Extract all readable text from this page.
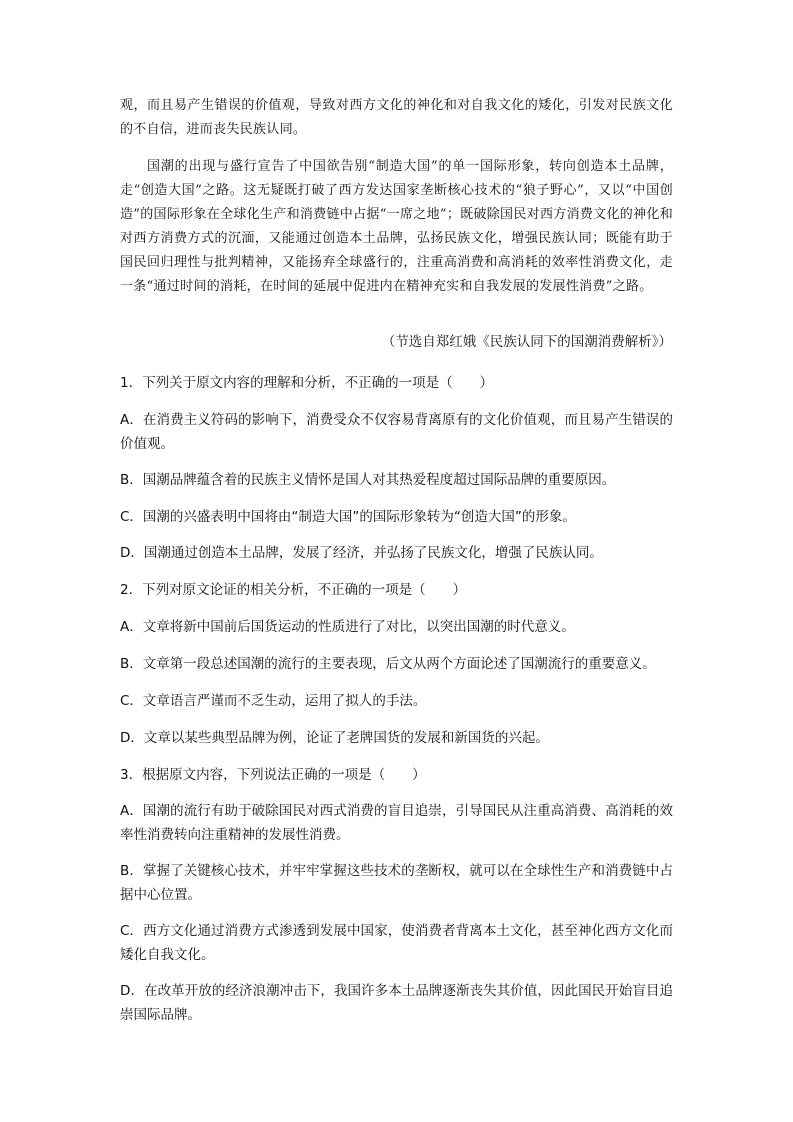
观，而且易产生错误的价值观，导致对西方文化的神化和对自我文化的矮化，引发对民族文化的不自信，进而丧失民族认同。

国潮的出现与盛行宣告了中国欲告别“制造大国”的单一国际形象，转向创造本土品牌，走“创造大国”之路。这无疑既打破了西方发达国家垄断核心技术的“狼子野心”，又以“中国创造”的国际形象在全球化生产和消费链中占据“一席之地”；既破除国民对西方消费文化的神化和对西方消费方式的沉湎，又能通过创造本土品牌，弘扬民族文化，增强民族认同；既能有助于国民回归理性与批判精神，又能扬弃全球盛行的，注重高消费和高消耗的效率性消费文化，走一条“通过时间的消耗，在时间的延展中促进内在精神充实和自我发展的发展性消费”之路。

（节选自郑红娥《民族认同下的国潮消费解析》）

1．下列关于原文内容的理解和分析，不正确的一项是（　　）

A．在消费主义符码的影响下，消费受众不仅容易背离原有的文化价值观，而且易产生错误的价值观。

B．国潮品牌蕴含着的民族主义情怀是国人对其热爱程度超过国际品牌的重要原因。

C．国潮的兴盛表明中国将由“制造大国”的国际形象转为“创造大国”的形象。

D．国潮通过创造本土品牌，发展了经济，并弘扬了民族文化，增强了民族认同。

2．下列对原文论证的相关分析，不正确的一项是（　　）

A．文章将新中国前后国货运动的性质进行了对比，以突出国潮的时代意义。

B．文章第一段总述国潮的流行的主要表现，后文从两个方面论述了国潮流行的重要意义。

C．文章语言严谨而不乏生动，运用了拟人的手法。

D．文章以某些典型品牌为例，论证了老牌国货的发展和新国货的兴起。

3．根据原文内容，下列说法正确的一项是（　　）

A．国潮的流行有助于破除国民对西式消费的盲目追崇，引导国民从注重高消费、高消耗的效率性消费转向注重精神的发展性消费。

B．掌握了关键核心技术，并牢牢掌握这些技术的垄断权，就可以在全球性生产和消费链中占据中心位置。

C．西方文化通过消费方式渗透到发展中国家，使消费者背离本土文化，甚至神化西方文化而矮化自我文化。

D．在改革开放的经济浪潮冲击下，我国许多本土品牌逐渐丧失其价值，因此国民开始盲目追崇国际品牌。
